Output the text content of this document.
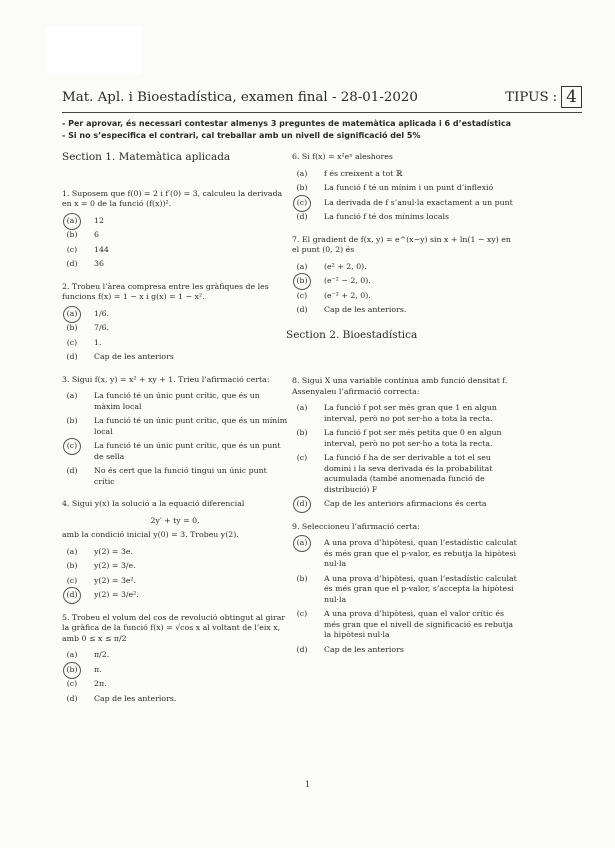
Mat. Apl. i Bioestadística, examen final - 28-01-2020	TIPUS : 4
- Per aprovar, és necessari contestar almenys 3 preguntes de matemàtica aplicada i 6 d’estadística
- Si no s’especifica el contrari, cal treballar amb un nivell de significació del 5%
Section 1. Matemàtica aplicada
1. Suposem que f(0) = 2 i f′(0) = 3, calculeu la derivada en x = 0 de la funció (f(x))².
(a)	12
(b)	6
(c)	144
(d)	36
2. Trobeu l’àrea compresa entre les gràfiques de les funcions f(x) = 1 − x i g(x) = 1 − x².
(a)	1/6.
(b)	7/6.
(c)	1.
(d)	Cap de les anteriors
3. Sigui f(x, y) = x² + xy + 1. Trieu l’afirmació certa:
(a)	La funció té un únic punt crític, que és un màxim local
(b)	La funció té un únic punt crític, que és un mínim local
(c)	La funció té un únic punt crític, que és un punt de sella
(d)	No és cert que la funció tingui un únic punt crític
4. Sigui y(x) la solució a la equació diferencial
2y′ + ty = 0,
amb la condició inicial y(0) = 3. Trobeu y(2).
(a)	y(2) = 3e.
(b)	y(2) = 3/e.
(c)	y(2) = 3e².
(d)	y(2) = 3/e².
5. Trobeu el volum del cos de revolució obtingut al girar la gràfica de la funció f(x) = √cos x al voltant de l’eix x, amb 0 ≤ x ≤ π/2
(a)	π/2.
(b)	π.
(c)	2π.
(d)	Cap de les anteriors.
6. Si f(x) = x²eˣ aleshores
(a)	f és creixent a tot ℝ
(b)	La funció f té un mínim i un punt d’inflexió
(c)	La derivada de f s’anul·la exactament a un punt
(d)	La funció f té dos mínims locals
7. El gradient de f(x, y) = e^(x−y) sin x + ln(1 − xy) en el punt (0, 2) és
(a)	(e² + 2, 0).
(b)	(e⁻² − 2, 0).
(c)	(e⁻² + 2, 0).
(d)	Cap de les anteriors.
Section 2. Bioestadística
8. Sigui X una variable contínua amb funció densitat f. Assenyaleu l’afirmació correcta:
(a)	La funció f pot ser més gran que 1 en algun interval, però no pot ser-ho a tota la recta.
(b)	La funció f pot ser més petita que 0 en algun interval, però no pot ser-ho a tota la recta.
(c)	La funció f ha de ser derivable a tot el seu domini i la seva derivada és la probabilitat acumulada (també anomenada funció de distribució) F
(d)	Cap de les anteriors afirmacions és certa
9. Seleccioneu l’afirmació certa:
(a)	A una prova d’hipòtesi, quan l’estadístic calculat és més gran que el p-valor, es rebutja la hipòtesi nul·la
(b)	A una prova d’hipòtesi, quan l’estadístic calculat és més gran que el p-valor, s’accepta la hipòtesi nul·la
(c)	A una prova d’hipòtesi, quan el valor crític és més gran que el nivell de significació es rebutja la hipòtesi nul·la
(d)	Cap de les anteriors
1
